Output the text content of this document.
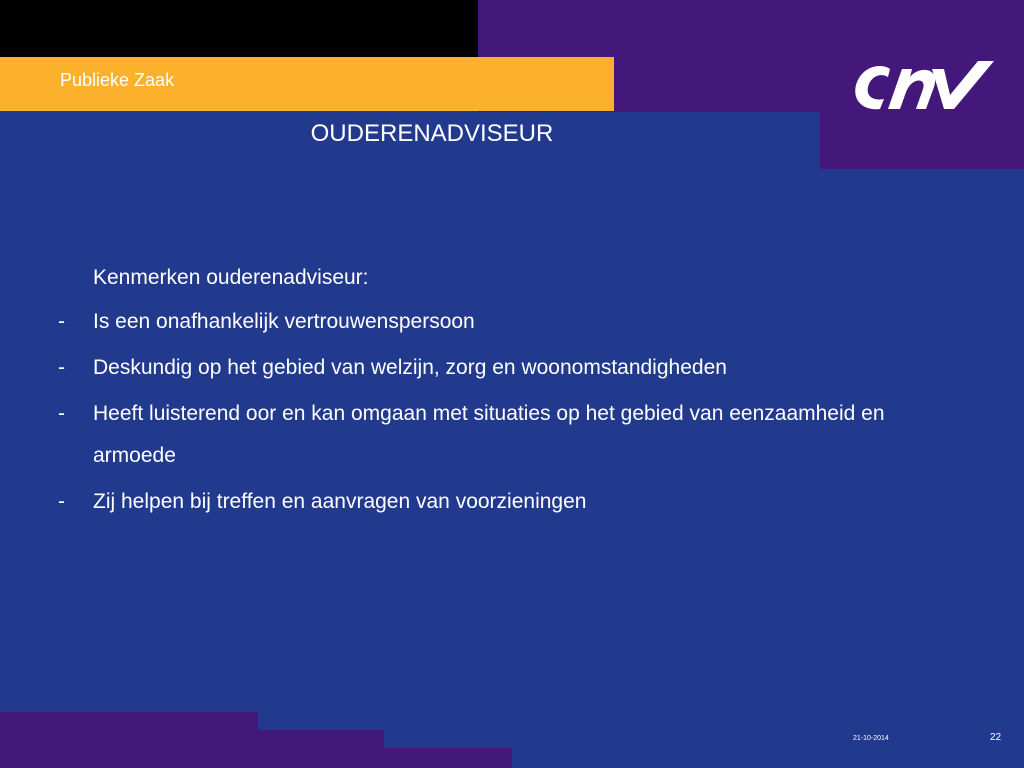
Publieke Zaak
OUDERENADVISEUR
Kenmerken ouderenadviseur:
- Is een onafhankelijk vertrouwenspersoon
- Deskundig op het gebied van welzijn, zorg en woonomstandigheden
- Heeft luisterend oor en kan omgaan met situaties op het gebied van eenzaamheid en armoede
- Zij helpen bij treffen en aanvragen van voorzieningen
21-10-2014	22
